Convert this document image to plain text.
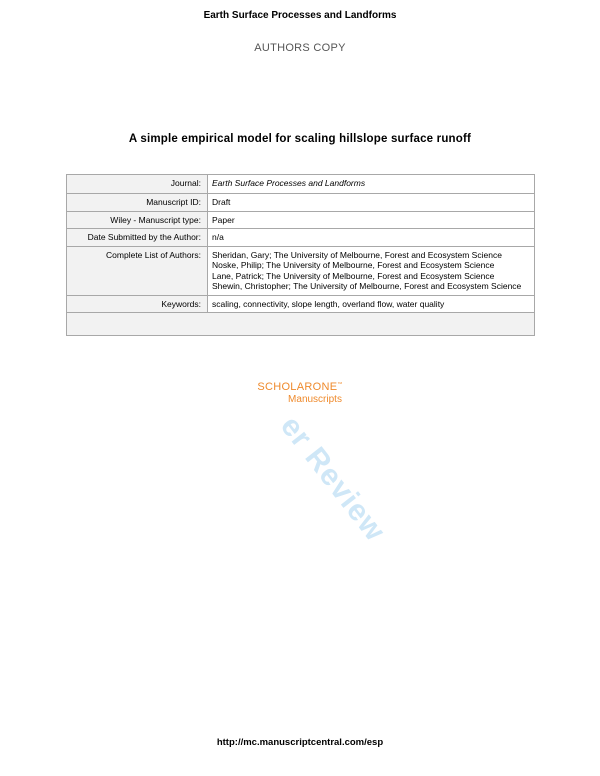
Earth Surface Processes and Landforms
AUTHORS COPY
A simple empirical model for scaling hillslope surface runoff
er Review
Journal:	Earth Surface Processes and Landforms
Manuscript ID:	Draft
Wiley - Manuscript type:	Paper
Date Submitted by the Author:	n/a
Complete List of Authors:	Sheridan, Gary; The University of Melbourne, Forest and Ecosystem Science
Noske, Philip; The University of Melbourne, Forest and Ecosystem Science
Lane, Patrick; The University of Melbourne, Forest and Ecosystem Science
Shewin, Christopher; The University of Melbourne, Forest and Ecosystem Science

Keywords:	scaling, connectivity, slope length, overland flow, water quality

SCHOLARONE™
Manuscripts
http://mc.manuscriptcentral.com/esp
